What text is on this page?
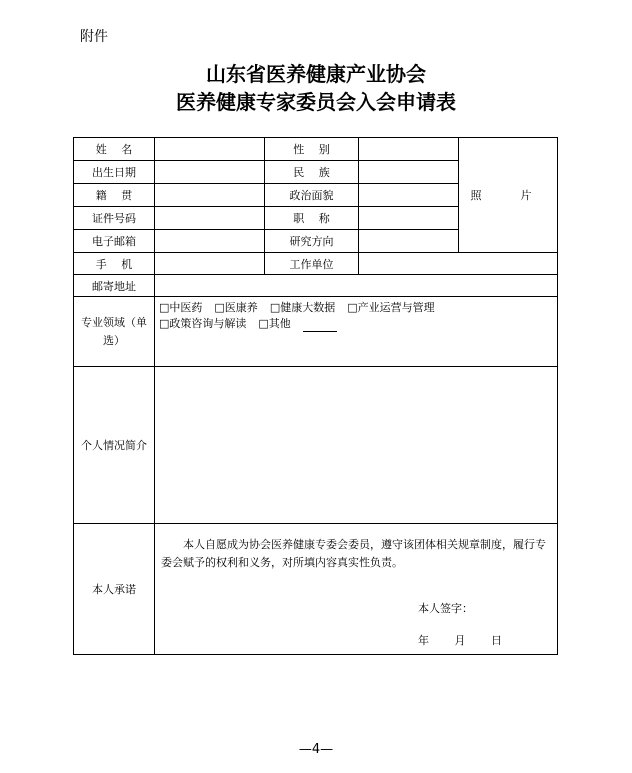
附件
山东省医养健康产业协会
医养健康专家委员会入会申请表
姓　 名		性　 别		照　片
出生日期		民　 族		
籍　 贯		政治面貌		
证件号码		职　 称		
电子邮箱		研究方向		
手　 机		工作单位		
邮寄地址				
专业领域（单选）	□中医药 □医康养 □健康大数据 □产业运营与管理
□政策咨询与解读 □其他			

个人情况简介				
本人承诺	本人自愿成为协会医养健康专委会委员，遵守该团体相关规章制度，履行专委会赋予的权利和义务，对所填内容真实性负责。
本人签字：
年 月 日			
—4—
